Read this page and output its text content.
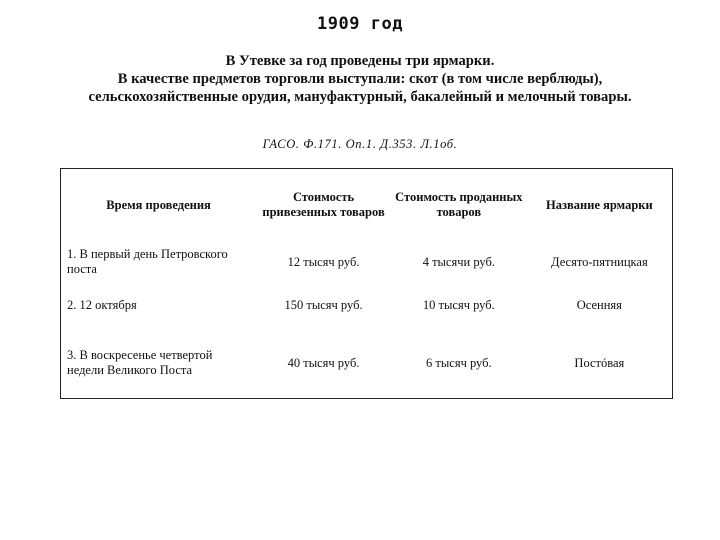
1909 год
В Утевке за год проведены три ярмарки.
В качестве предметов торговли выступали: скот (в том числе верблюды),
сельскохозяйственные орудия, мануфактурный, бакалейный и мелочный товары.
ГАСО. Ф.171. Оп.1. Д.353. Л.1об.
Время проведения	Стоимость привезенных товаров	Стоимость проданных товаров	Название ярмарки
1. В первый день Петровского поста	12 тысяч руб.	4 тысячи руб.	Десято-пятницкая
2. 12 октября	150 тысяч руб.	10 тысяч руб.	Осенняя
3. В воскресенье четвертой недели Великого Поста	40 тысяч руб.	6 тысяч руб.	Постóвая
